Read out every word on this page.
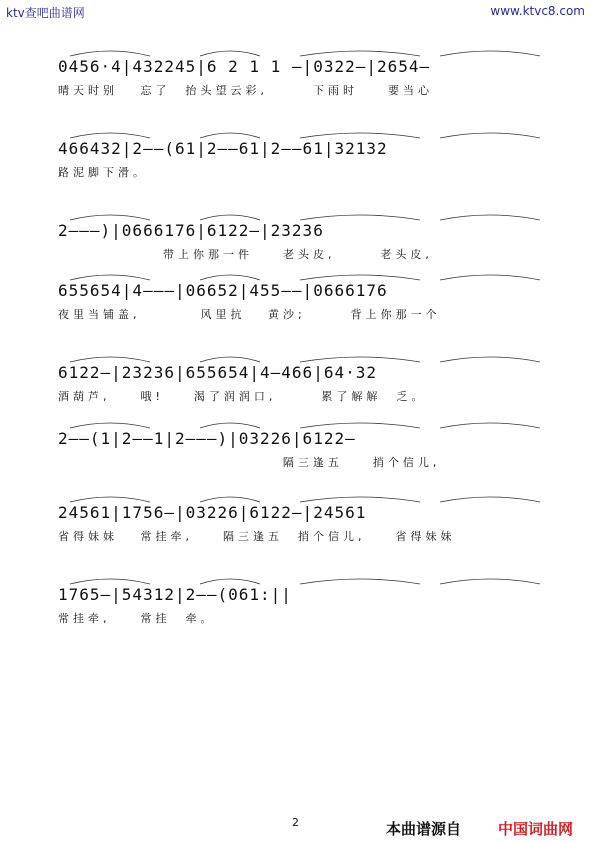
ktv查吧曲谱网	www.ktvc8.com
0456·4|432245|6 2 1 1 –|0322–|2654–
晴天时别   忘了  抬头望云彩,      下雨时    要当心
466432|2––(61|2––61|2––61|32132
路泥脚下滑。
2–––)|0666176|6122–|23236
带上你那一件    老头皮,      老头皮,
655654|4–––|06652|455––|0666176
夜里当铺盖,        风里抗   黄沙;      背上你那一个
6122–|23236|655654|4–466|64·32
酒葫芦,    哦!    渴了润润口,      累了解解  乏。
2––(1|2––1|2–––)|03226|6122–
隔三逢五    捎个信儿,
24561|1756–|03226|6122–|24561
省得妹妹   常挂牵,    隔三逢五  捎个信儿,    省得妹妹
1765–|54312|2––(061:||
常挂牵,    常挂  牵。
2	本曲谱源自 中国词曲网
